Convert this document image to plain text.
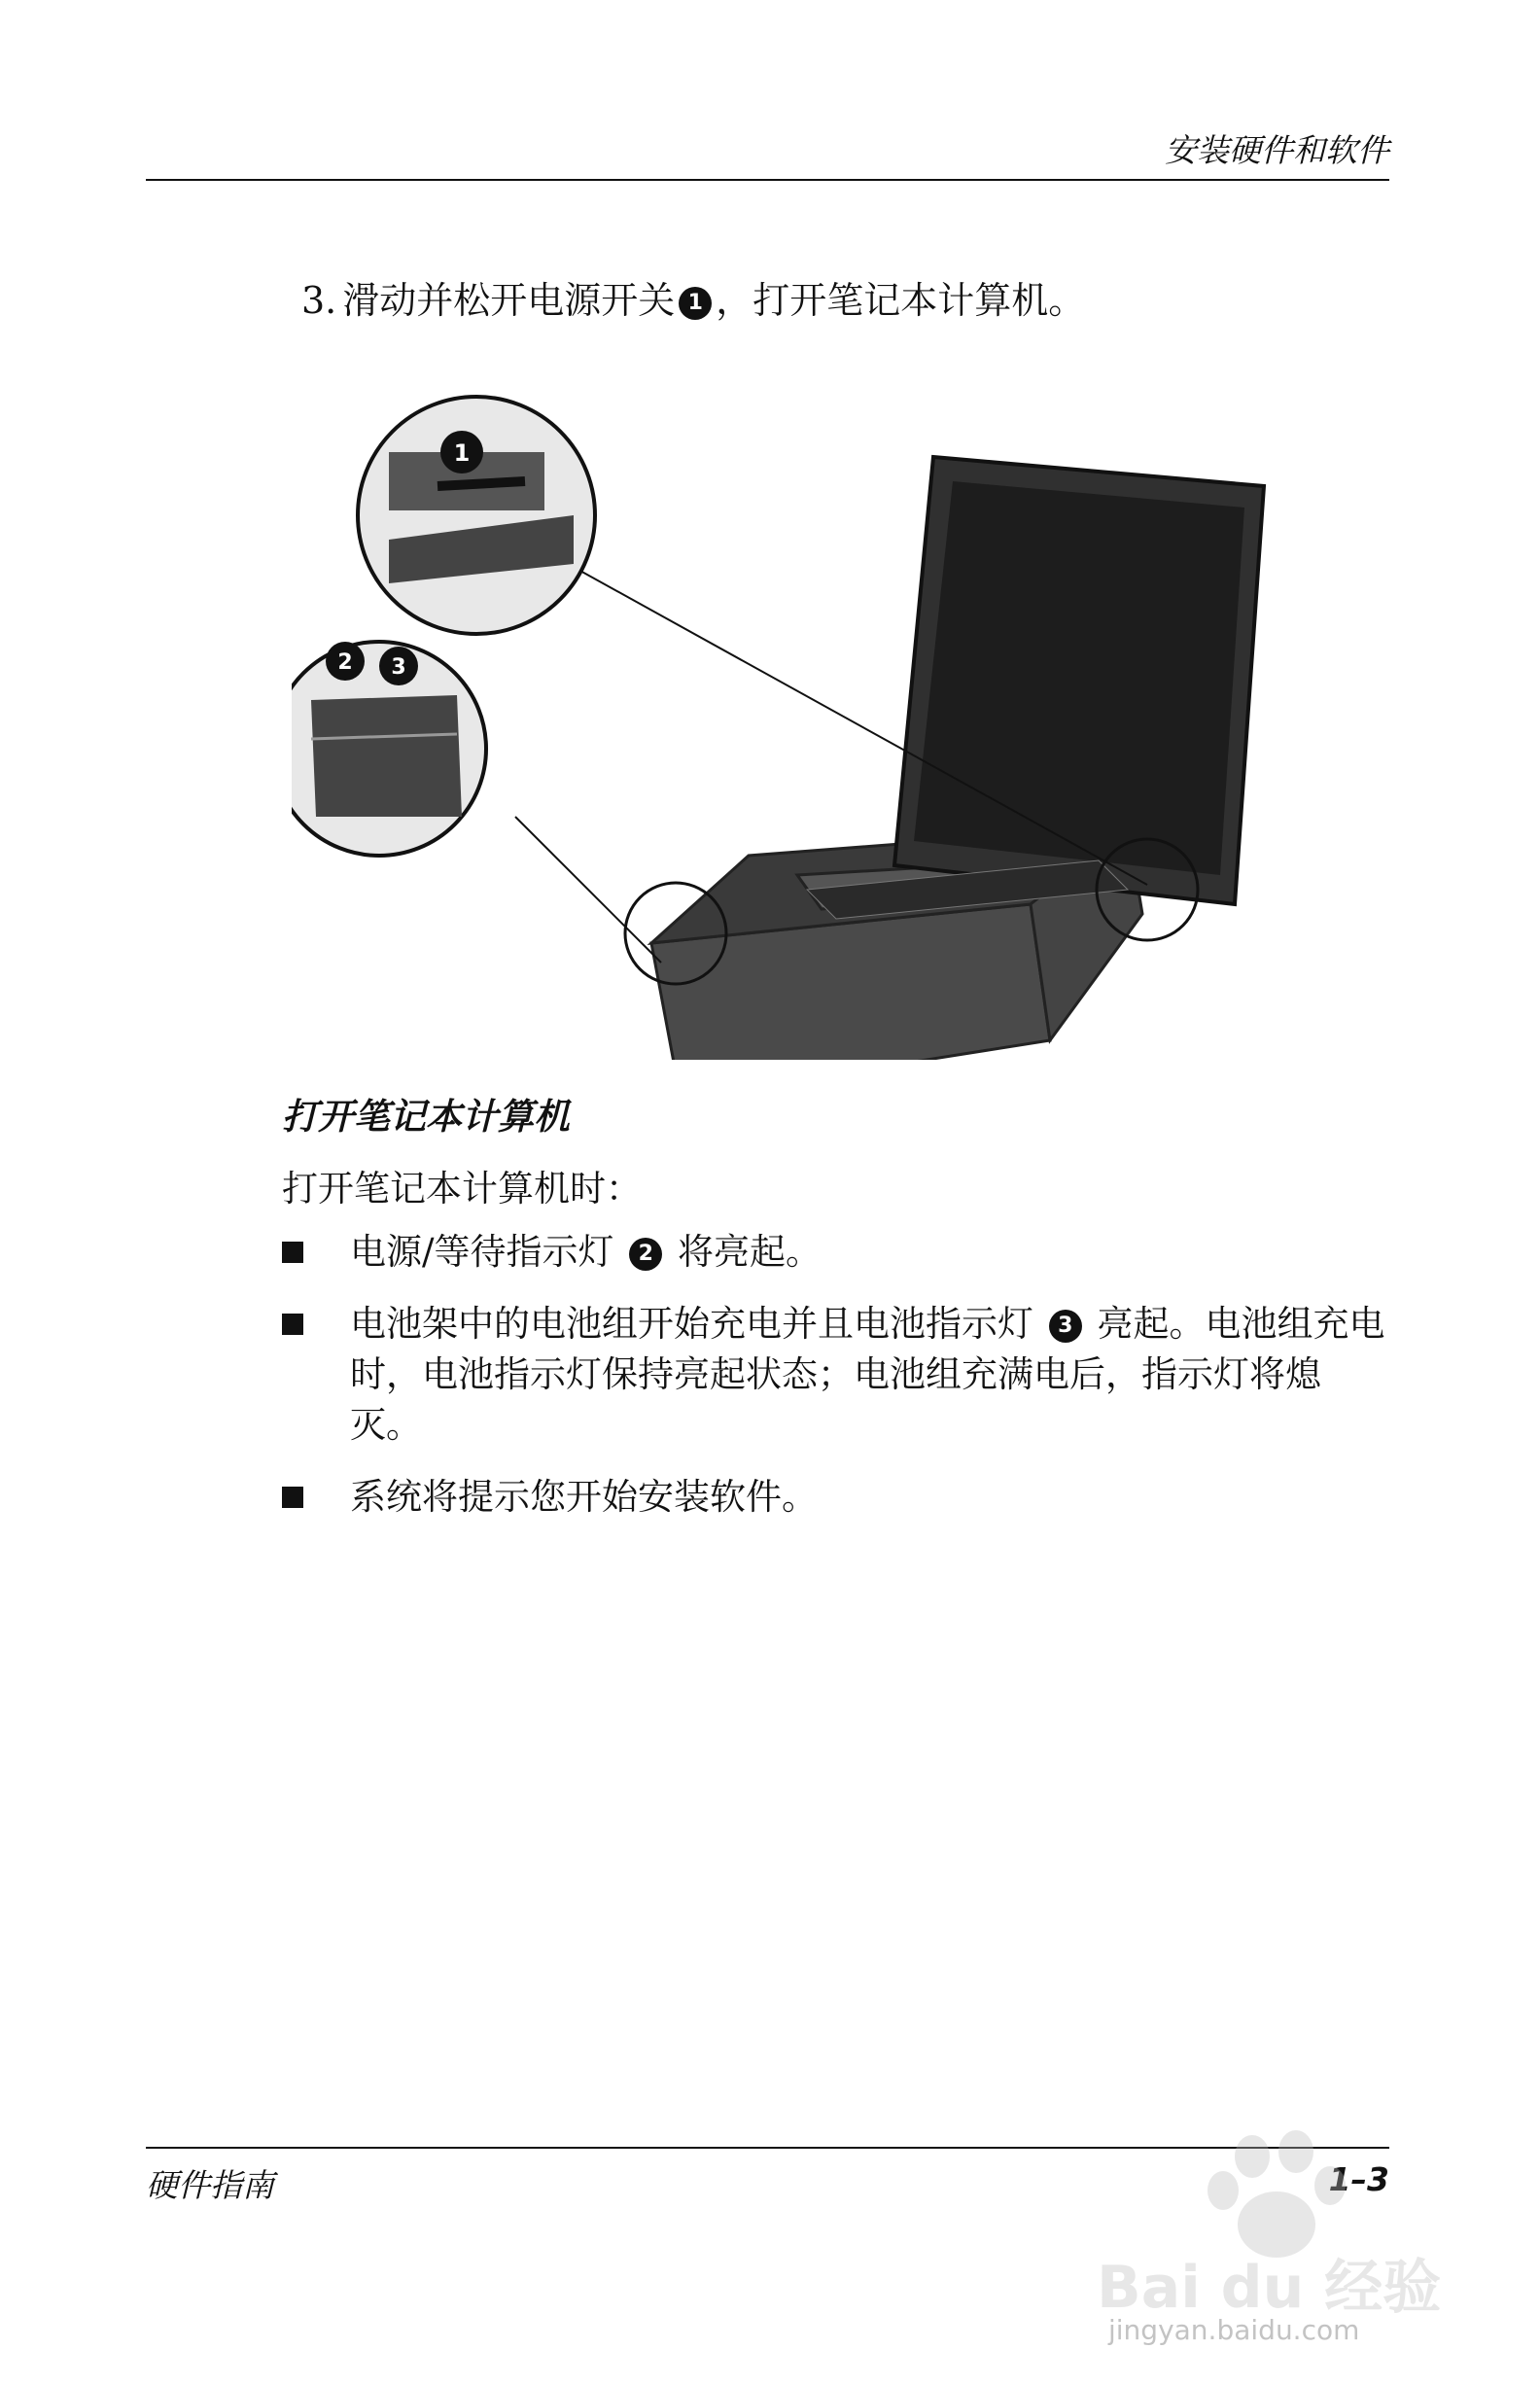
安装硬件和软件
3. 滑动并松开电源开关 1 ，打开笔记本计算机。
1
2 3
打开笔记本计算机
打开笔记本计算机时：
电源/等待指示灯 2 将亮起。
电池架中的电池组开始充电并且电池指示灯 3 亮起。电池组充电时，电池指示灯保持亮起状态；电池组充满电后，指示灯将熄灭。
系统将提示您开始安装软件。
硬件指南	1–3
Bai du 经验
jingyan.baidu.com
